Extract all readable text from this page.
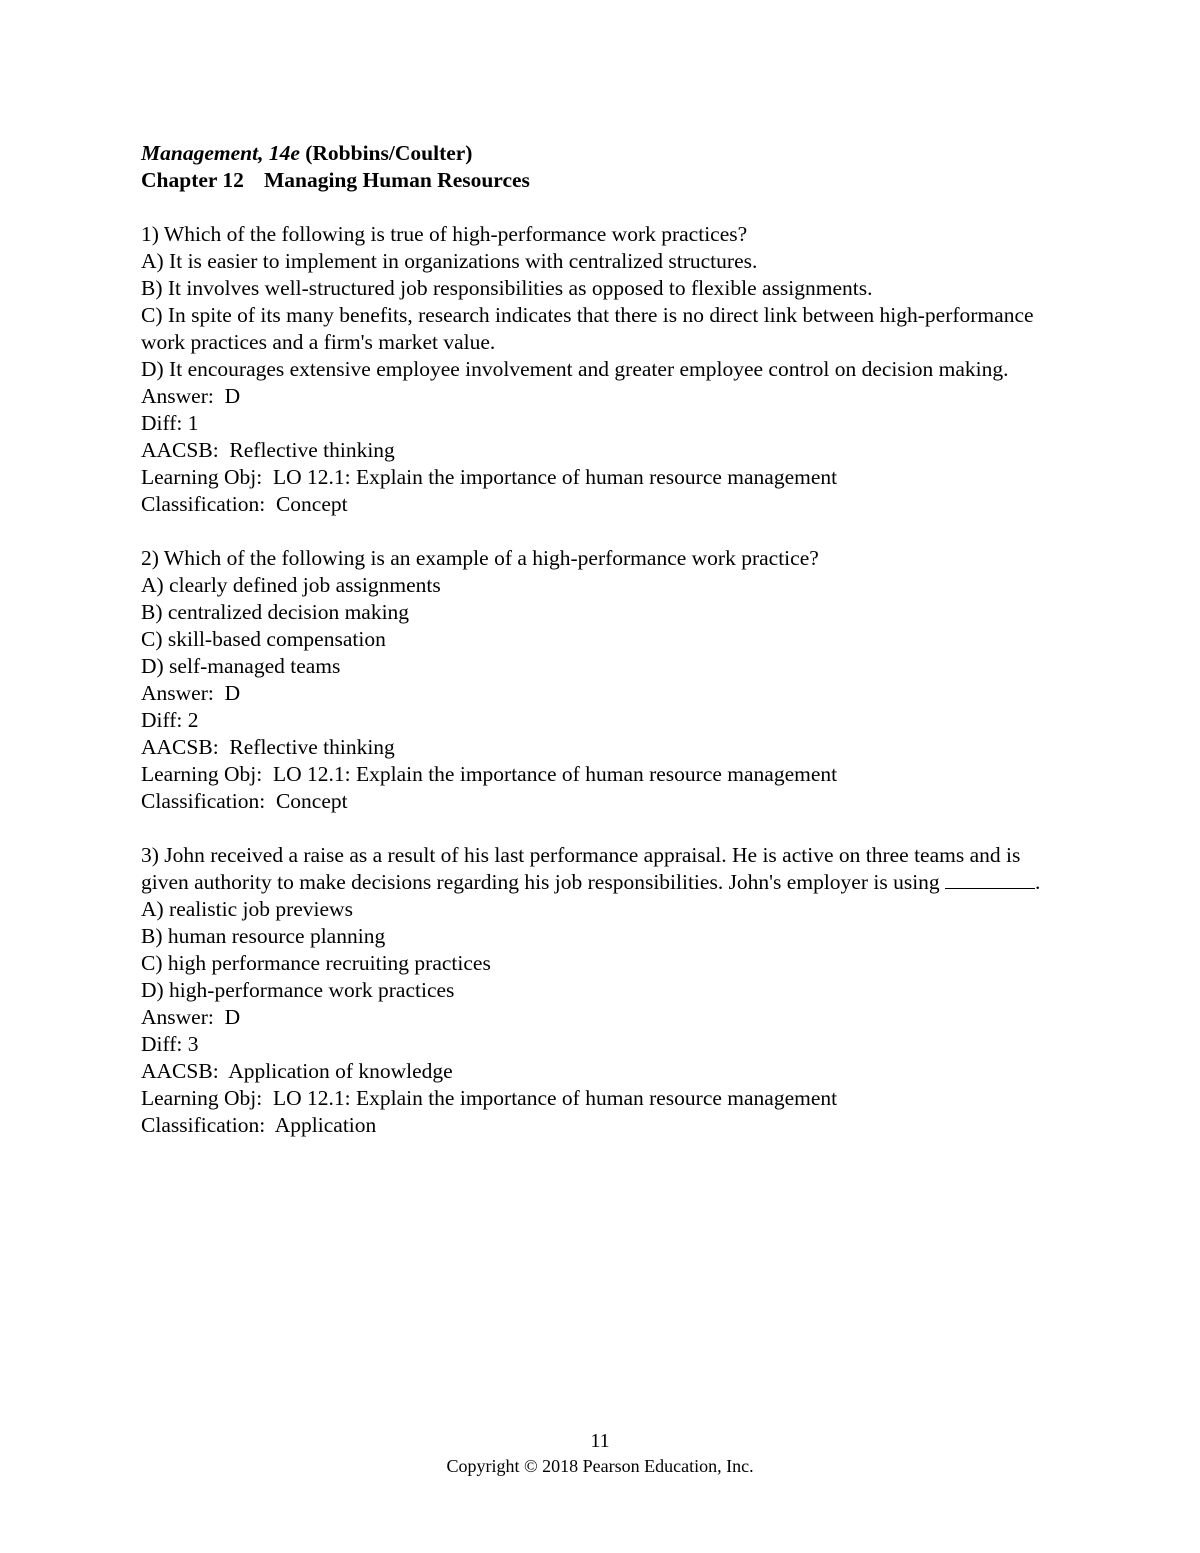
Management, 14e (Robbins/Coulter)
Chapter 12 Managing Human Resources
1) Which of the following is true of high-performance work practices?
A) It is easier to implement in organizations with centralized structures.
B) It involves well-structured job responsibilities as opposed to flexible assignments.
C) In spite of its many benefits, research indicates that there is no direct link between high-performance work practices and a firm's market value.
D) It encourages extensive employee involvement and greater employee control on decision making.
Answer:  D
Diff: 1
AACSB:  Reflective thinking
Learning Obj:  LO 12.1: Explain the importance of human resource management
Classification:  Concept
2) Which of the following is an example of a high-performance work practice?
A) clearly defined job assignments
B) centralized decision making
C) skill-based compensation
D) self-managed teams
Answer:  D
Diff: 2
AACSB:  Reflective thinking
Learning Obj:  LO 12.1: Explain the importance of human resource management
Classification:  Concept
3) John received a raise as a result of his last performance appraisal. He is active on three teams and is given authority to make decisions regarding his job responsibilities. John's employer is using	.
A) realistic job previews
B) human resource planning
C) high performance recruiting practices
D) high-performance work practices
Answer:  D
Diff: 3
AACSB:  Application of knowledge
Learning Obj:  LO 12.1: Explain the importance of human resource management
Classification:  Application
11
Copyright © 2018 Pearson Education, Inc.
